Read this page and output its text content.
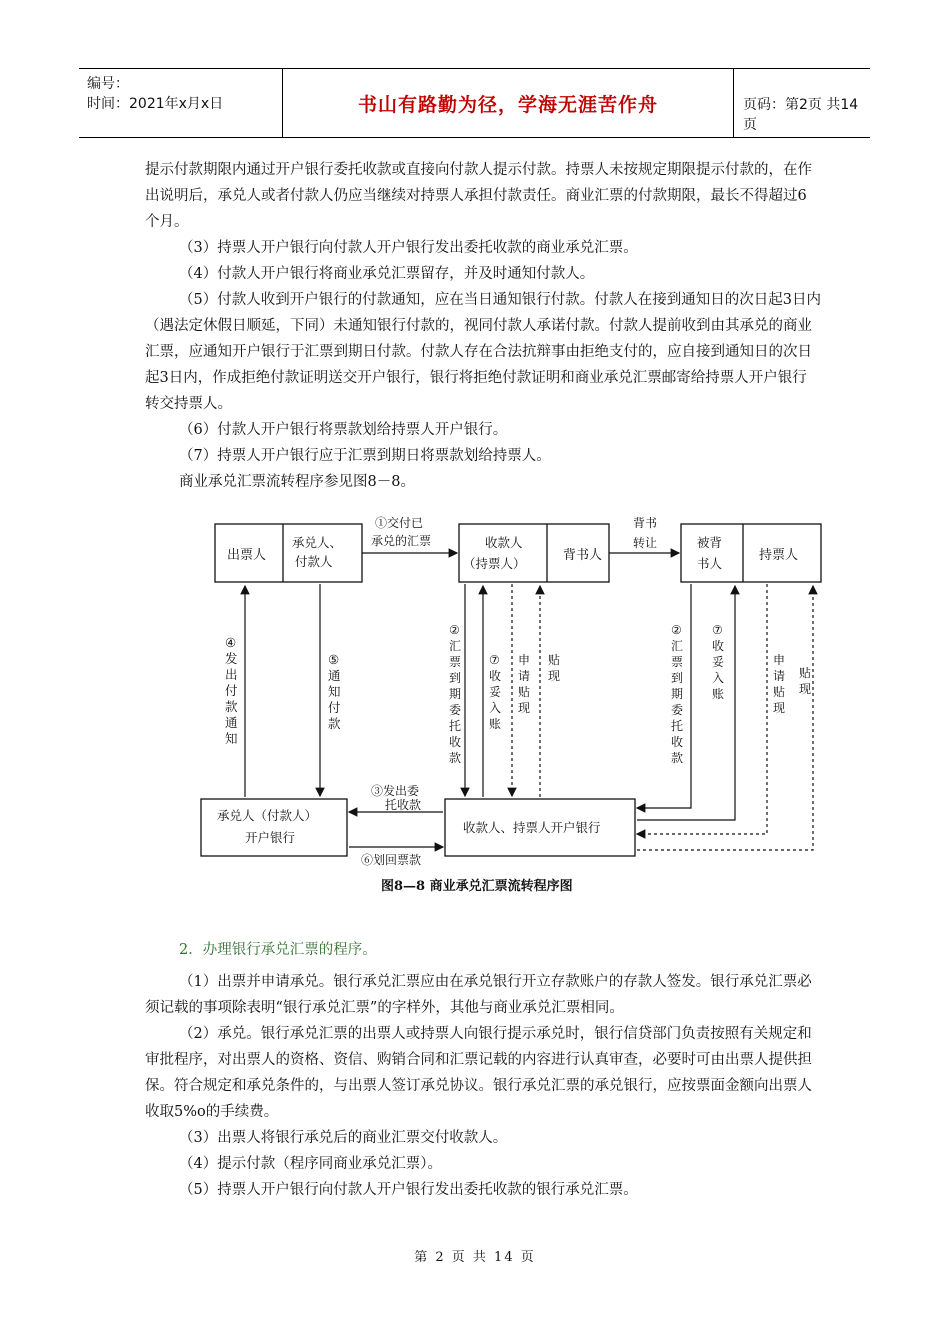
编号：
时间：2021年x月x日	书山有路勤为径，学海无涯苦作舟	页码：第2页 共14页

提示付款期限内通过开户银行委托收款或直接向付款人提示付款。持票人未按规定期限提示付款的，在作出说明后，承兑人或者付款人仍应当继续对持票人承担付款责任。商业汇票的付款期限，最长不得超过6个月。

（3）持票人开户银行向付款人开户银行发出委托收款的商业承兑汇票。

（4）付款人开户银行将商业承兑汇票留存，并及时通知付款人。

（5）付款人收到开户银行的付款通知，应在当日通知银行付款。付款人在接到通知日的次日起3日内（遇法定休假日顺延，下同）未通知银行付款的，视同付款人承诺付款。付款人提前收到由其承兑的商业汇票，应通知开户银行于汇票到期日付款。付款人存在合法抗辩事由拒绝支付的，应自接到通知日的次日起3日内，作成拒绝付款证明送交开户银行，银行将拒绝付款证明和商业承兑汇票邮寄给持票人开户银行转交持票人。

（6）付款人开户银行将票款划给持票人开户银行。

（7）持票人开户银行应于汇票到期日将票款划给持票人。

商业承兑汇票流转程序参见图8－8。

出票人
承兑人、
付款人
收款人
（持票人）
背书人
被背
书人
持票人
①交付已
承兑的汇票
背书
转让
承兑人（付款人）
开户银行
收款人、持票人开户银行
④ 发出付款通知
⑤ 通知付款
② 汇票到期委托收款
⑦ 收妥入账
申请贴现
贴现
② 汇票到期委托收款
⑦ 收妥入账
申请贴现
贴现
③发出委
托收款
⑥划回票款
图8—8 商业承兑汇票流转程序图

2．办理银行承兑汇票的程序。

（1）出票并申请承兑。银行承兑汇票应由在承兑银行开立存款账户的存款人签发。银行承兑汇票必须记载的事项除表明“银行承兑汇票”的字样外，其他与商业承兑汇票相同。

（2）承兑。银行承兑汇票的出票人或持票人向银行提示承兑时，银行信贷部门负责按照有关规定和审批程序，对出票人的资格、资信、购销合同和汇票记载的内容进行认真审查，必要时可由出票人提供担保。符合规定和承兑条件的，与出票人签订承兑协议。银行承兑汇票的承兑银行，应按票面金额向出票人收取5%o的手续费。

（3）出票人将银行承兑后的商业汇票交付收款人。

（4）提示付款（程序同商业承兑汇票）。

（5）持票人开户银行向付款人开户银行发出委托收款的银行承兑汇票。

第 2 页 共 14 页
